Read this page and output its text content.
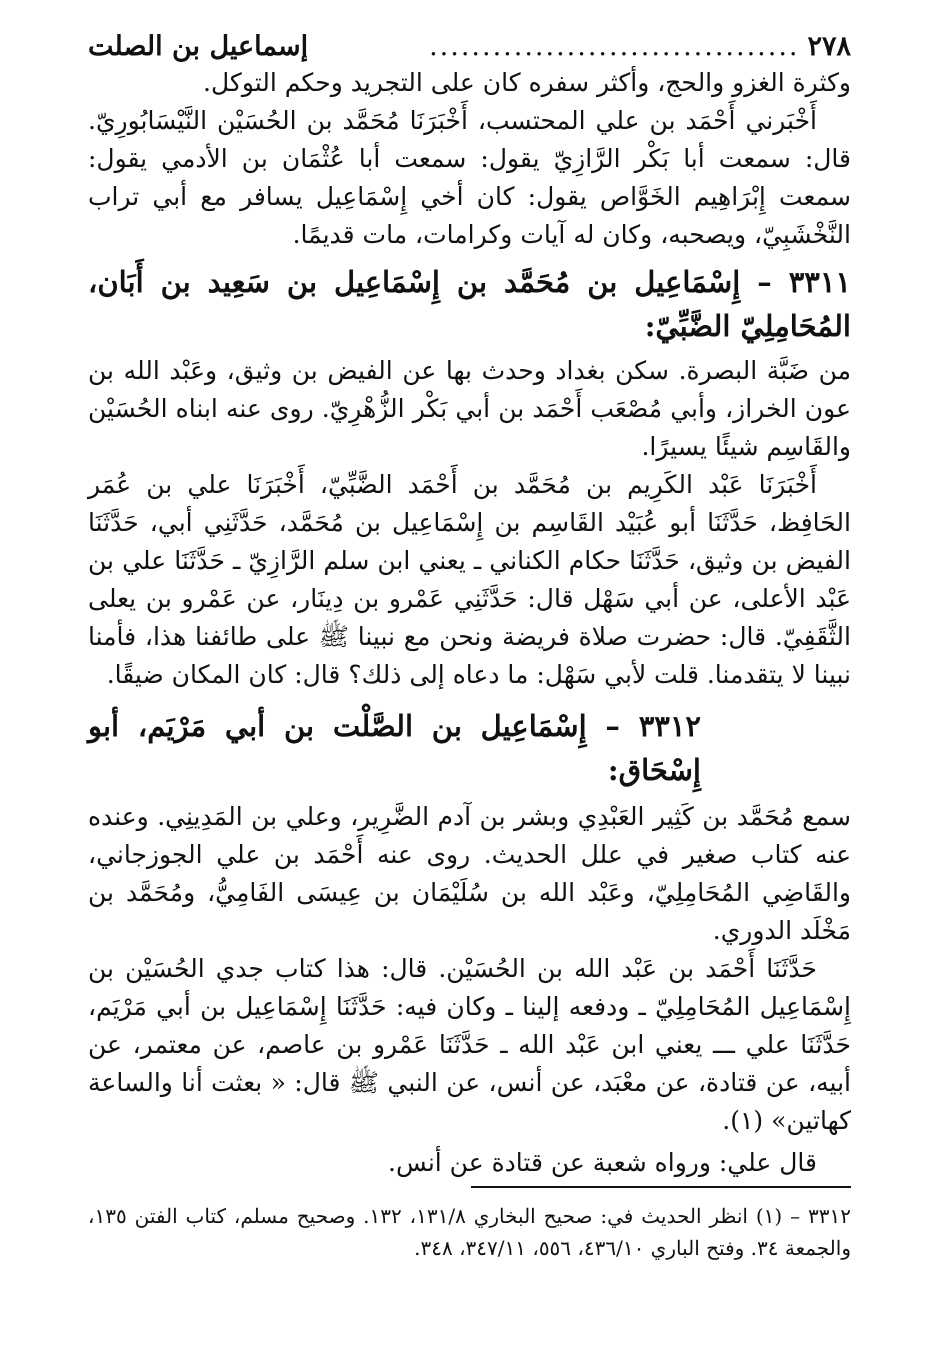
٢٧٨
...................................
إسماعيل بن الصلت

وكثرة الغزو والحج، وأكثر سفره كان على التجريد وحكم التوكل.

أَخْبَرني أَحْمَد بن علي المحتسب، أَخْبَرَنَا مُحَمَّد بن الحُسَيْن النَّيْسَابُورِيّ. قال: سمعت أبا بَكْر الرَّازِيّ يقول: سمعت أبا عُثْمَان بن الأدمي يقول: سمعت إِبْرَاهِيم الخَوَّاص يقول: كان أخي إِسْمَاعِيل يسافر مع أبي تراب النَّخْشَبِيّ، ويصحبه، وكان له آيات وكرامات، مات قديمًا.

٣٣١١ – إِسْمَاعِيل بن مُحَمَّد بن إِسْمَاعِيل بن سَعِيد بن أَبَان، المُحَامِلِيّ الضَّبِّيّ:

من ضَبَّة البصرة. سكن بغداد وحدث بها عن الفيض بن وثيق، وعَبْد الله بن عون الخراز، وأبي مُصْعَب أَحْمَد بن أبي بَكْر الزُّهْرِيّ. روى عنه ابناه الحُسَيْن والقَاسِم شيئًا يسيرًا.

أَخْبَرَنَا عَبْد الكَرِيم بن مُحَمَّد بن أَحْمَد الضَّبِّيّ، أَخْبَرَنَا علي بن عُمَر الحَافِظ، حَدَّثَنَا أبو عُبَيْد القَاسِم بن إِسْمَاعِيل بن مُحَمَّد، حَدَّثَنِي أبي، حَدَّثَنَا الفيض بن وثيق، حَدَّثَنَا حكام الكناني ـ يعني ابن سلم الرَّازِيّ ـ حَدَّثَنَا علي بن عَبْد الأعلى، عن أبي سَهْل قال: حَدَّثَنِي عَمْرو بن دِينَار، عن عَمْرو بن يعلى الثَّقَفِيّ. قال: حضرت صلاة فريضة ونحن مع نبينا ﷺ على طائفنا هذا، فأمنا نبينا لا يتقدمنا. قلت لأبي سَهْل: ما دعاه إلى ذلك؟ قال: كان المكان ضيقًا.

٣٣١٢ – إِسْمَاعِيل بن الصَّلْت بن أبي مَرْيَم، أبو إِسْحَاق:

سمع مُحَمَّد بن كَثِير العَبْدِي وبشر بن آدم الضَّرِير، وعلي بن المَدِينِي. وعنده عنه كتاب صغير في علل الحديث. روى عنه أَحْمَد بن علي الجوزجاني، والقَاضِي المُحَامِلِيّ، وعَبْد الله بن سُلَيْمَان بن عِيسَى الفَامِيُّ، ومُحَمَّد بن مَخْلَد الدوري.

حَدَّثَنَا أَحْمَد بن عَبْد الله بن الحُسَيْن. قال: هذا كتاب جدي الحُسَيْن بن إِسْمَاعِيل المُحَامِلِيّ ـ ودفعه إلينا ـ وكان فيه: حَدَّثَنَا إِسْمَاعِيل بن أبي مَرْيَم، حَدَّثَنَا علي ـــ يعني ابن عَبْد الله ـ حَدَّثَنَا عَمْرو بن عاصم، عن معتمر، عن أبيه، عن قتادة، عن معْبَد، عن أنس، عن النبي ﷺ قال: « بعثت أنا والساعة كهاتين» (١).

قال علي: ورواه شعبة عن قتادة عن أنس.

٣٣١٢ – (١) انظر الحديث في: صحيح البخاري ١٣١/٨، ١٣٢. وصحيح مسلم، كتاب الفتن ١٣٥، والجمعة ٣٤. وفتح الباري ٤٣٦/١٠، ٥٥٦، ٣٤٧/١١، ٣٤٨.
